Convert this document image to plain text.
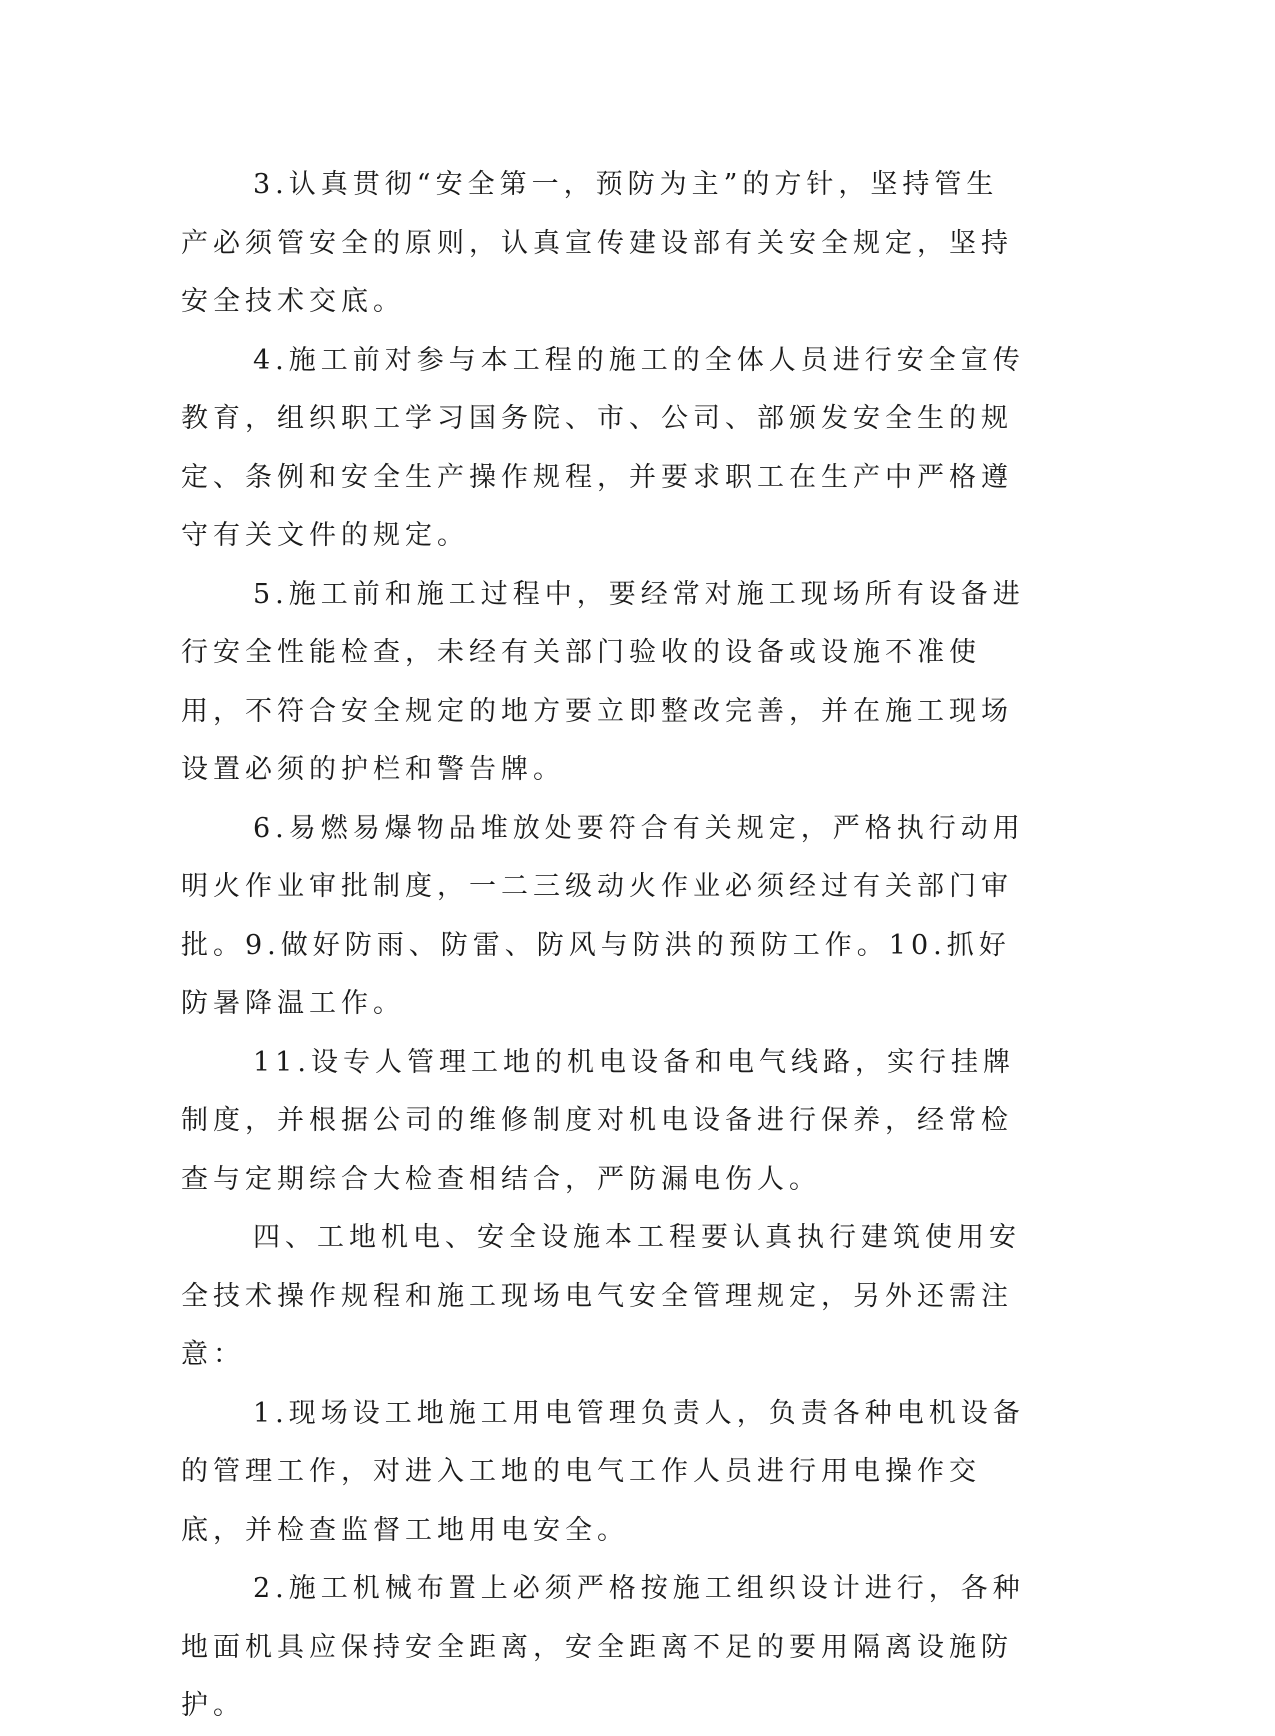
3.认真贯彻“安全第一，预防为主”的方针，坚持管生产必须管安全的原则，认真宣传建设部有关安全规定，坚持安全技术交底。

4.施工前对参与本工程的施工的全体人员进行安全宣传教育，组织职工学习国务院、市、公司、部颁发安全生的规定、条例和安全生产操作规程，并要求职工在生产中严格遵守有关文件的规定。

5.施工前和施工过程中，要经常对施工现场所有设备进行安全性能检查，未经有关部门验收的设备或设施不准使用，不符合安全规定的地方要立即整改完善，并在施工现场设置必须的护栏和警告牌。

6.易燃易爆物品堆放处要符合有关规定，严格执行动用明火作业审批制度，一二三级动火作业必须经过有关部门审批。9.做好防雨、防雷、防风与防洪的预防工作。10.抓好防暑降温工作。

11.设专人管理工地的机电设备和电气线路，实行挂牌制度，并根据公司的维修制度对机电设备进行保养，经常检查与定期综合大检查相结合，严防漏电伤人。

四、工地机电、安全设施本工程要认真执行建筑使用安全技术操作规程和施工现场电气安全管理规定，另外还需注意：

1.现场设工地施工用电管理负责人，负责各种电机设备的管理工作，对进入工地的电气工作人员进行用电操作交底，并检查监督工地用电安全。

2.施工机械布置上必须严格按施工组织设计进行，各种地面机具应保持安全距离，安全距离不足的要用隔离设施防护。
